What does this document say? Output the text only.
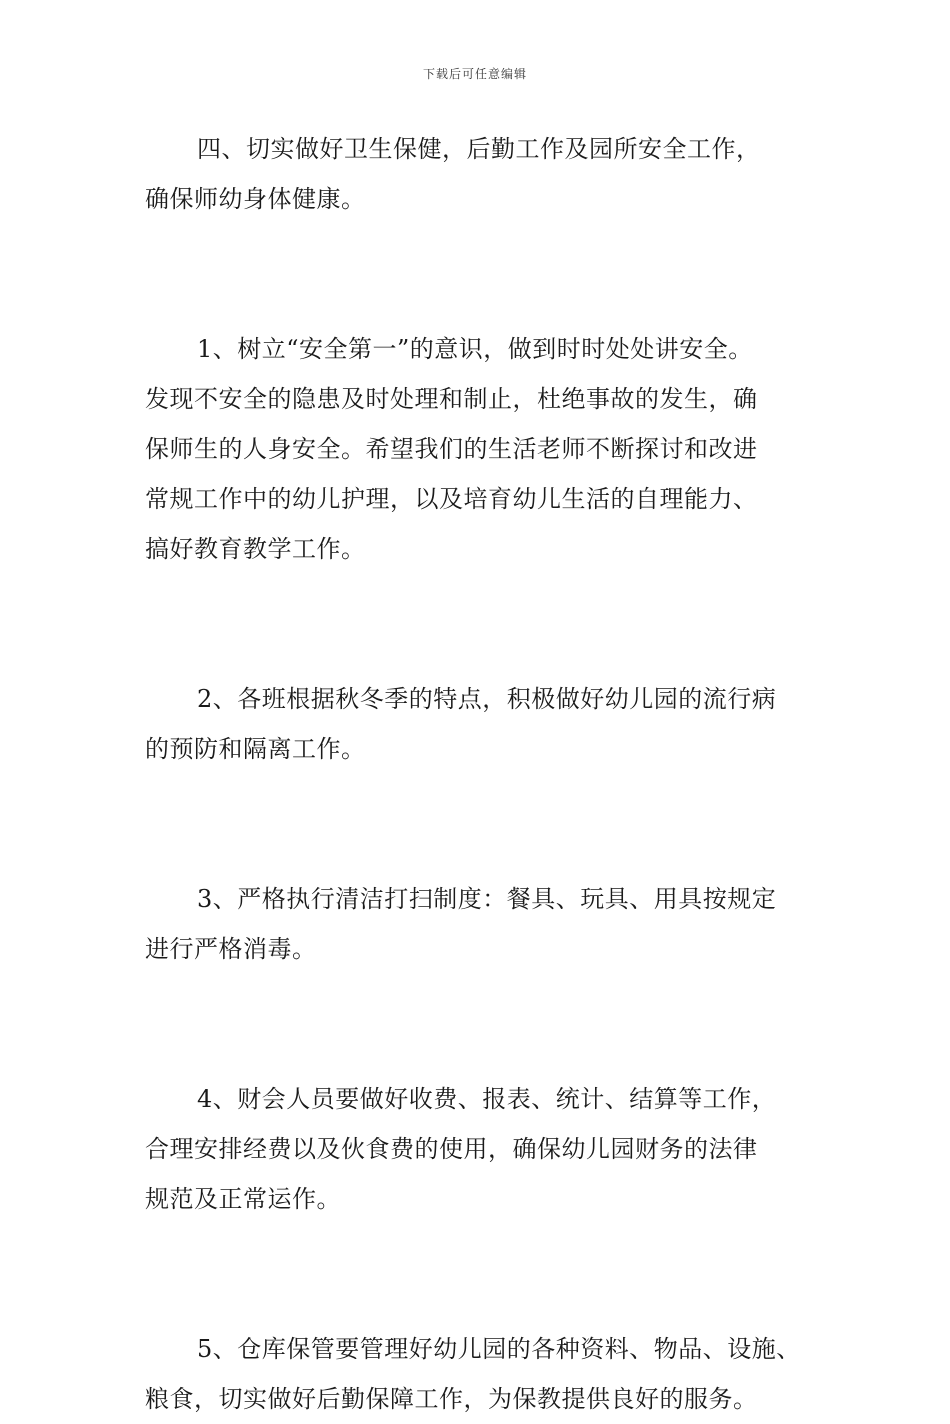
下载后可任意编辑
四、切实做好卫生保健，后勤工作及园所安全工作，
确保师幼身体健康。
1、树立“安全第一”的意识，做到时时处处讲安全。
发现不安全的隐患及时处理和制止，杜绝事故的发生，确
保师生的人身安全。希望我们的生活老师不断探讨和改进
常规工作中的幼儿护理，以及培育幼儿生活的自理能力、
搞好教育教学工作。
2、各班根据秋冬季的特点，积极做好幼儿园的流行病
的预防和隔离工作。
3、严格执行清洁打扫制度：餐具、玩具、用具按规定
进行严格消毒。
4、财会人员要做好收费、报表、统计、结算等工作，
合理安排经费以及伙食费的使用，确保幼儿园财务的法律
规范及正常运作。
5、仓库保管要管理好幼儿园的各种资料、物品、设施、
粮食，切实做好后勤保障工作，为保教提供良好的服务。
